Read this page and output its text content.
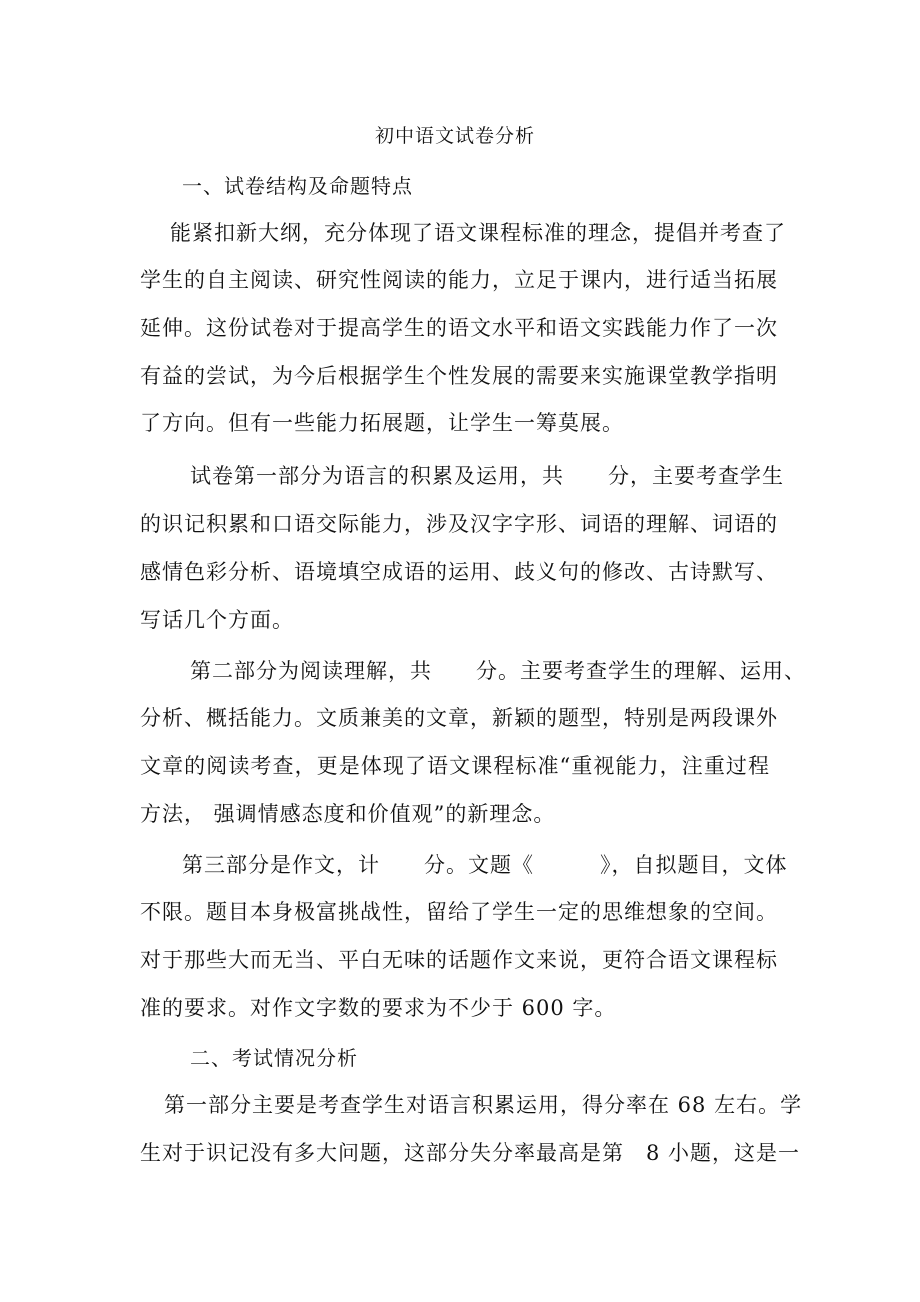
初中语文试卷分析
一、试卷结构及命题特点
能紧扣新大纲，充分体现了语文课程标准的理念，提倡并考查了
学生的自主阅读、研究性阅读的能力，立足于课内，进行适当拓展
延伸。这份试卷对于提高学生的语文水平和语文实践能力作了一次
有益的尝试，为今后根据学生个性发展的需要来实施课堂教学指明
了方向。但有一些能力拓展题，让学生一筹莫展。
试卷第一部分为语言的积累及运用，共　　分，主要考查学生
的识记积累和口语交际能力，涉及汉字字形、词语的理解、词语的
感情色彩分析、语境填空成语的运用、歧义句的修改、古诗默写、
写话几个方面。
第二部分为阅读理解，共　　分。主要考查学生的理解、运用、
分析、概括能力。文质兼美的文章，新颖的题型，特别是两段课外
文章的阅读考查，更是体现了语文课程标准“重视能力，注重过程
方法， 强调情感态度和价值观”的新理念。
第三部分是作文，计　　分。文题《　　　》，自拟题目，文体
不限。题目本身极富挑战性，留给了学生一定的思维想象的空间。
对于那些大而无当、平白无味的话题作文来说，更符合语文课程标
准的要求。对作文字数的要求为不少于 600 字。
二、考试情况分析
第一部分主要是考查学生对语言积累运用，得分率在 68 左右。学
生对于识记没有多大问题，这部分失分率最高是第　8 小题，这是一
